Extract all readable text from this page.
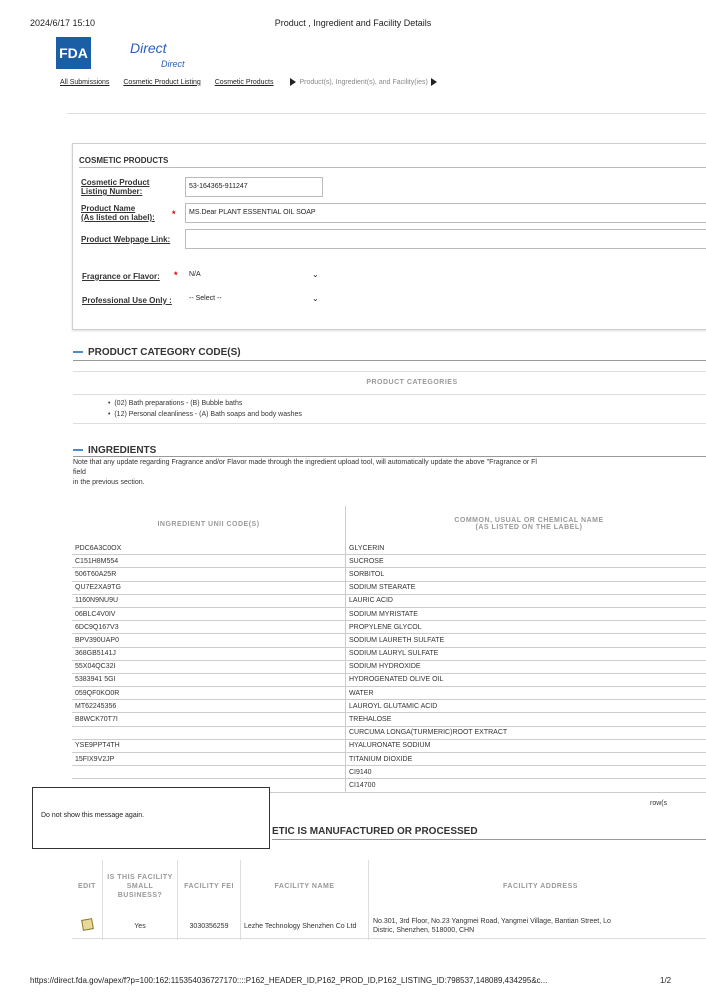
2024/6/17 15:10	Product , Ingredient and Facility Details
FDA	Direct
Direct
All Submissions Cosmetic Product Listing Cosmetic Products	Product(s), Ingredient(s), and Facility(ies)
COSMETIC PRODUCTS
Cosmetic Product Listing Number:
53-164365-911247
Product Name
(As listed on label): *	MS.Dear PLANT ESSENTIAL OIL SOAP
Product Webpage Link:
Fragrance or Flavor: * N/A	⌄
Professional Use Only : -- Select --	⌄
PRODUCT CATEGORY CODE(S)
PRODUCT CATEGORIES
•  (02) Bath preparations - (B) Bubble baths
•  (12) Personal cleanliness - (A) Bath soaps and body washes
INGREDIENTS
Note that any update regarding Fragrance and/or Flavor made through the ingredient upload tool, will automatically update the above "Fragrance or Fl
field
in the previous section.
INGREDIENT UNII CODE(S)	COMMON, USUAL OR CHEMICAL NAME
(AS LISTED ON THE LABEL)
PDC6A3C0OX	GLYCERIN
C151H8M554	SUCROSE
506T60A25R	SORBITOL
QU7E2XA9TG	SODIUM STEARATE
1160N9NU9U	LAURIC ACID
06BLC4V0IV	SODIUM MYRISTATE
6DC9Q167V3	PROPYLENE GLYCOL
BPV390UAP0	SODIUM LAURETH SULFATE
368GB5141J	SODIUM LAURYL SULFATE
55X04QC32I	SODIUM HYDROXIDE
5383941 5GI	HYDROGENATED OLIVE OIL
059QF0KO0R	WATER
MT62245356	LAUROYL GLUTAMIC ACID
B8WCK70T7I	TREHALOSE
	CURCUMA LONGA(TURMERIC)ROOT EXTRACT
YSE9PPT4TH	HYALURONATE SODIUM
15FIX9V2JP	TITANIUM DIOXIDE
	CI9140
	CI14700
row(s
Do not show this message again.
ETIC IS MANUFACTURED OR PROCESSED
EDIT	IS THIS FACILITY SMALL BUSINESS?	FACILITY FEI	FACILITY NAME	FACILITY ADDRESS
	Yes	3030356259	Lezhe Technology Shenzhen Co Ltd	No.301, 3rd Floor, No.23 Yangmei Road, Yangmei Village, Bantian Street, Lo
Distric, Shenzhen, 518000, CHN
https://direct.fda.gov/apex/f?p=100:162:115354036727170::::P162_HEADER_ID,P162_PROD_ID,P162_LISTING_ID:798537,148089,434295&c...	1/2
